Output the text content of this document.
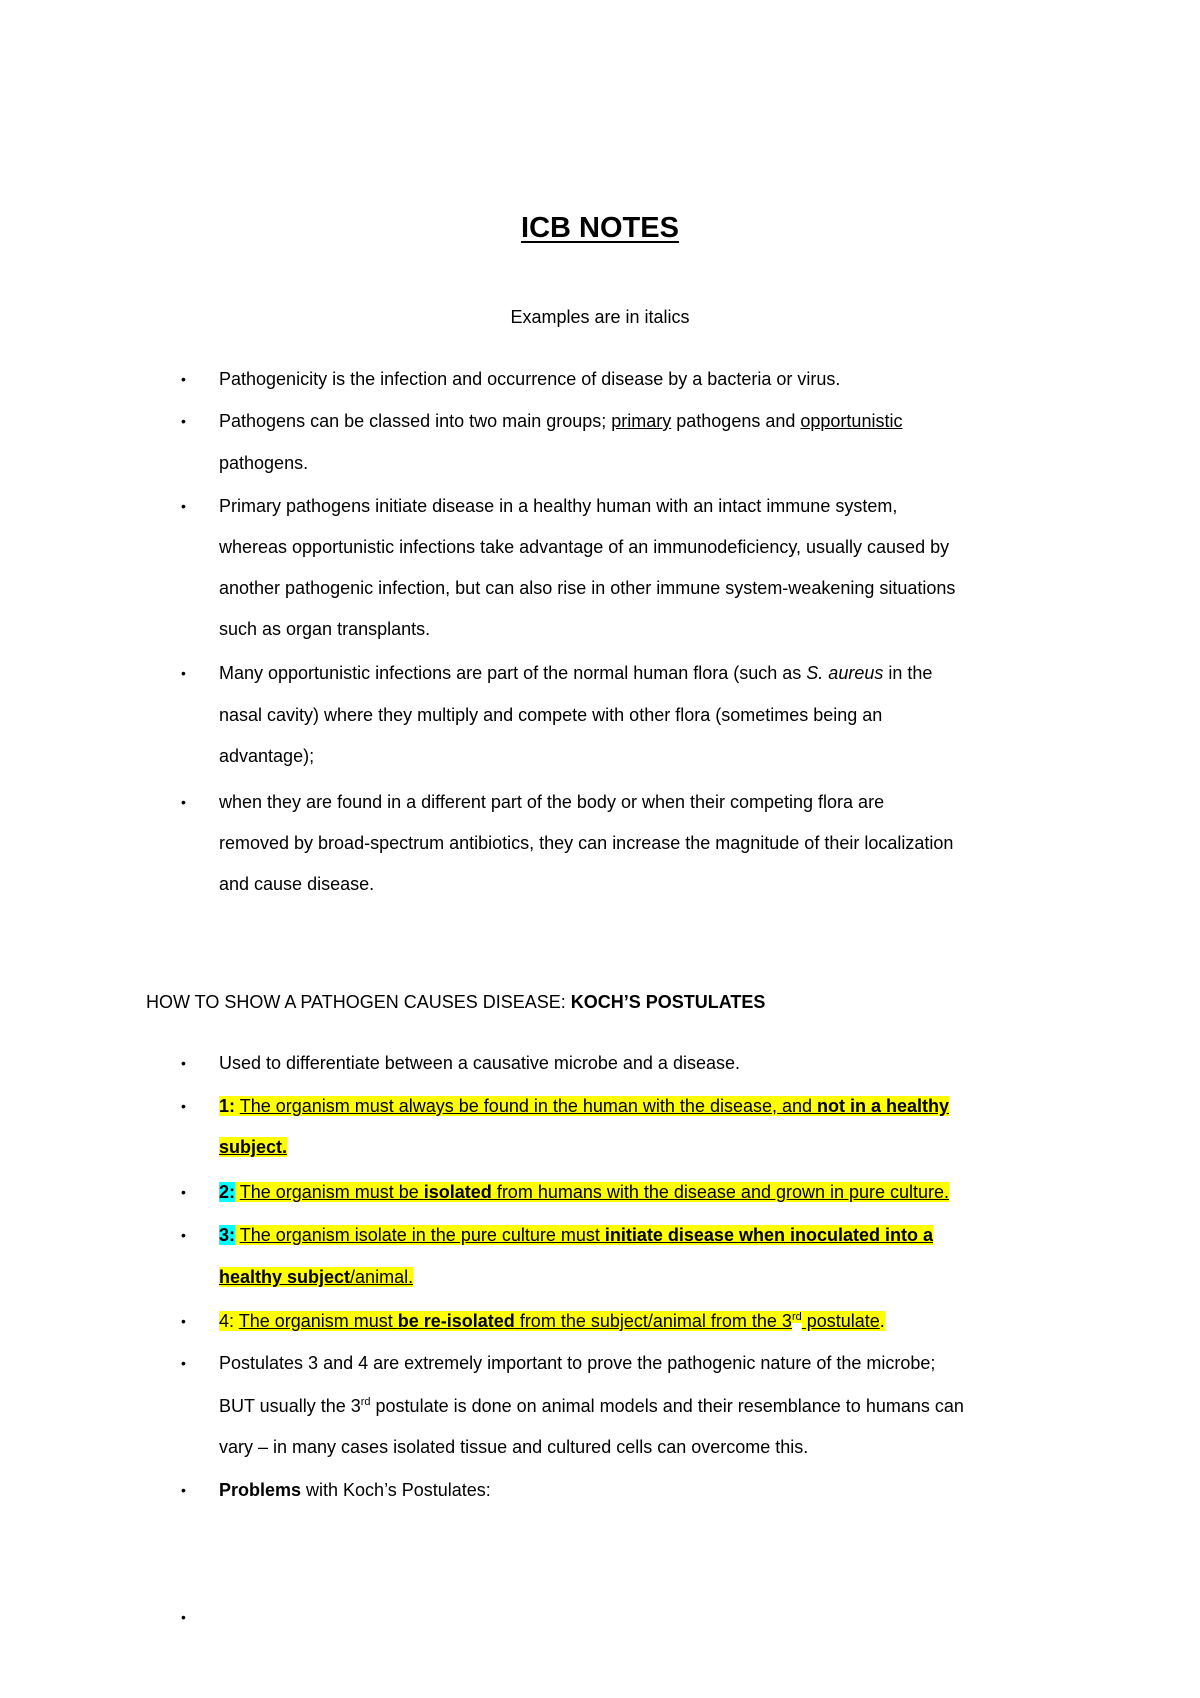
ICB NOTES
Examples are in italics
• Pathogenicity is the infection and occurrence of disease by a bacteria or virus.
• Pathogens can be classed into two main groups; primary pathogens and opportunistic
pathogens.
• Primary pathogens initiate disease in a healthy human with an intact immune system,
whereas opportunistic infections take advantage of an immunodeficiency, usually caused by
another pathogenic infection, but can also rise in other immune system-weakening situations
such as organ transplants.
• Many opportunistic infections are part of the normal human flora (such as S. aureus in the
nasal cavity) where they multiply and compete with other flora (sometimes being an
advantage);
• when they are found in a different part of the body or when their competing flora are
removed by broad-spectrum antibiotics, they can increase the magnitude of their localization
and cause disease.
HOW TO SHOW A PATHOGEN CAUSES DISEASE: KOCH’S POSTULATES
• Used to differentiate between a causative microbe and a disease.
• 1: The organism must always be found in the human with the disease, and not in a healthy
subject.
• 2: The organism must be isolated from humans with the disease and grown in pure culture.
• 3: The organism isolate in the pure culture must initiate disease when inoculated into a
healthy subject/animal.
• 4: The organism must be re-isolated from the subject/animal from the 3rd postulate.
• Postulates 3 and 4 are extremely important to prove the pathogenic nature of the microbe;
BUT usually the 3rd postulate is done on animal models and their resemblance to humans can
vary – in many cases isolated tissue and cultured cells can overcome this.
• Problems with Koch’s Postulates:
•
